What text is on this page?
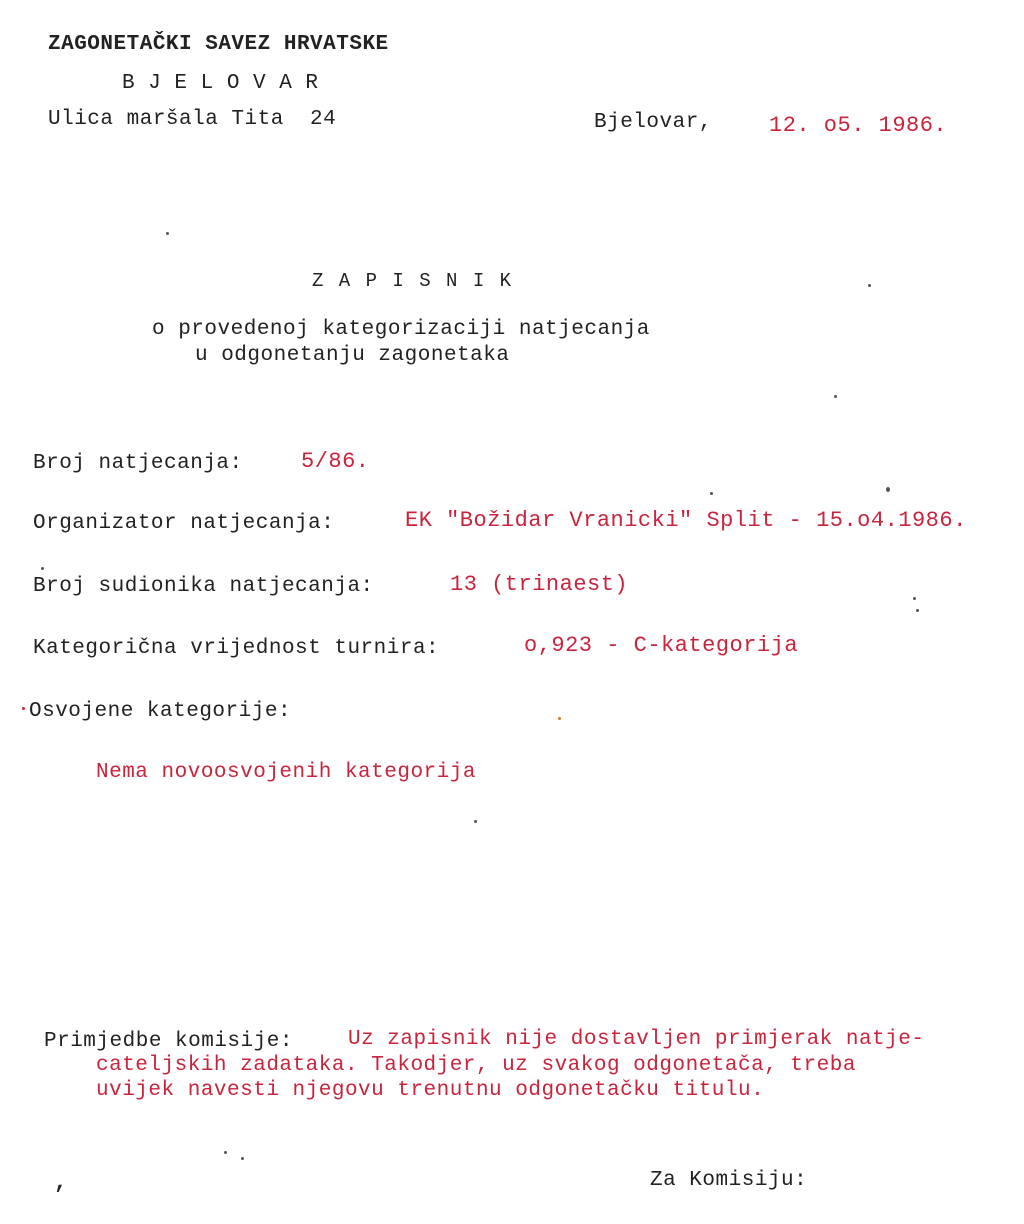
ZAGONETAČKI SAVEZ HRVATSKE
B J E L O V A R
Ulica maršala Tita  24	Bjelovar,	12. o5. 1986.
Z A P I S N I K
o provedenoj kategorizaciji natjecanja
u odgonetanju zagonetaka
Broj natjecanja:	5/86.
Organizator natjecanja:	EK "Božidar Vranicki" Split - 15.o4.1986.
Broj sudionika natjecanja:	13 (trinaest)
Kategorična vrijednost turnira:	o,923 - C-kategorija
Osvojene kategorije:
Nema novoosvojenih kategorija
Primjedbe komisije:	Uz zapisnik nije dostavljen primjerak natje-
cateljskih zadataka. Takodjer, uz svakog odgonetača, treba
uvijek navesti njegovu trenutnu odgonetačku titulu.
,	Za Komisiju:
